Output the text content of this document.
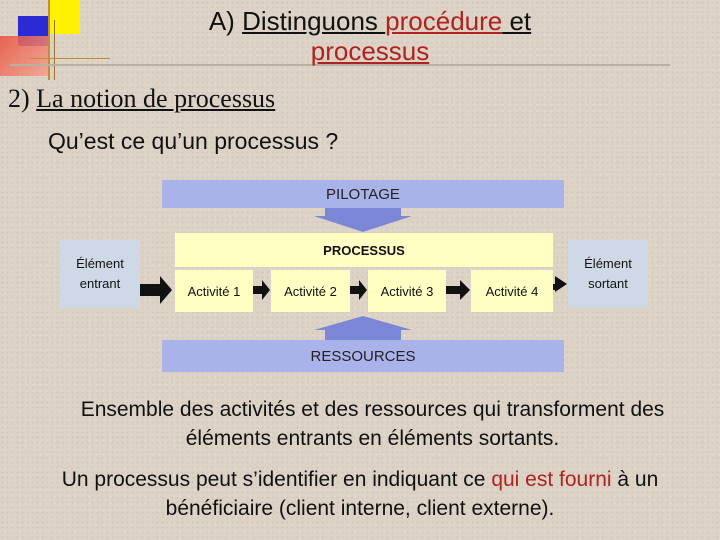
A) Distinguons procédure et
processus
2) La notion de processus
Qu’est ce qu’un processus ?
PILOTAGE
PROCESSUS
Élément
entrant
Élément
sortant
Activité 1	Activité 2	Activité 3	Activité 4
RESSOURCES
Ensemble des activités et des ressources qui transforment des éléments entrants en éléments sortants.
Un processus peut s’identifier en indiquant ce qui est fourni à un bénéficiaire (client interne, client externe).
